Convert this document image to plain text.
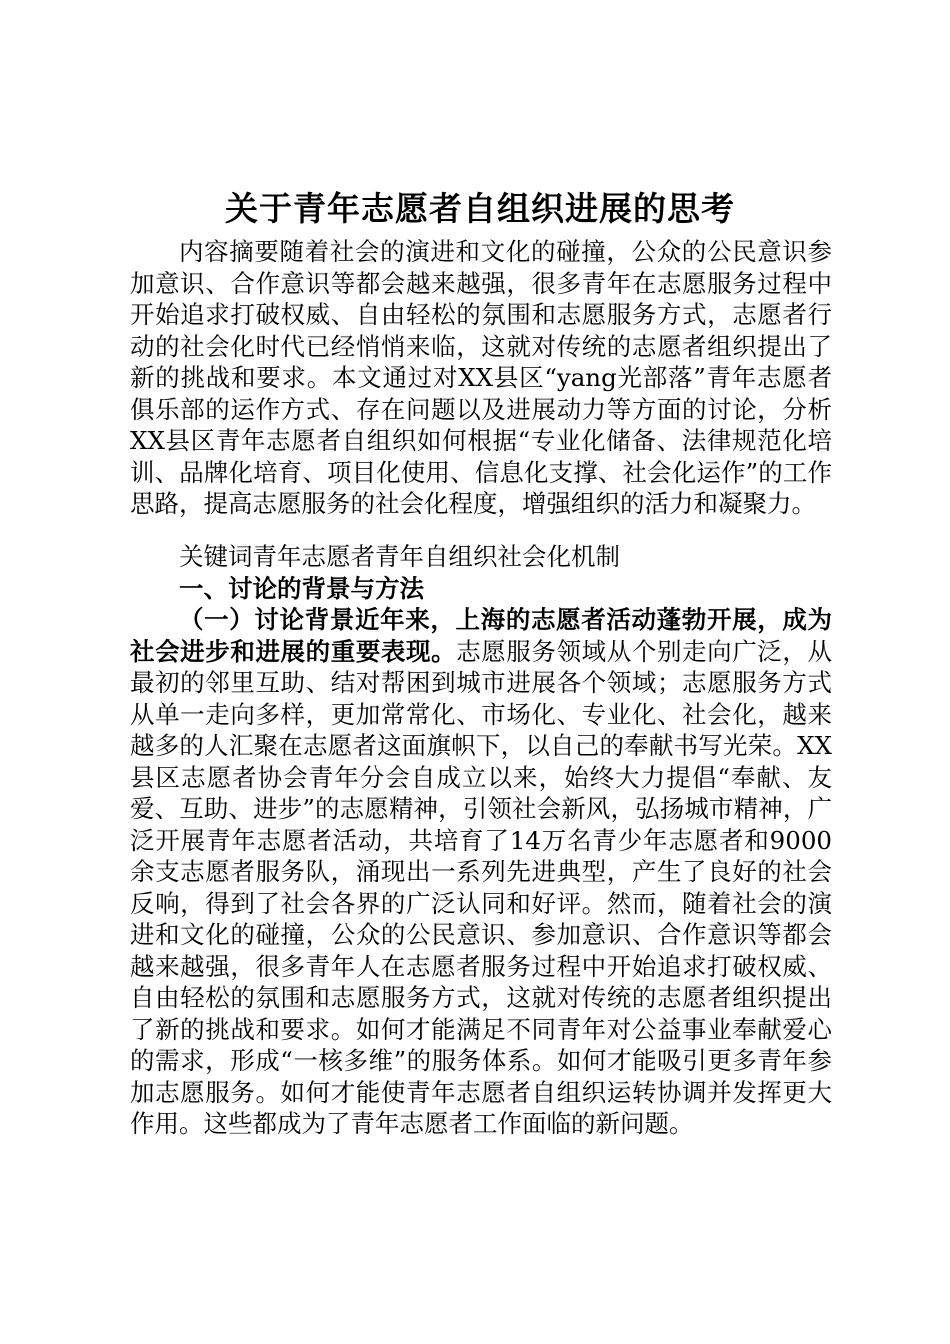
关于青年志愿者自组织进展的思考

内容摘要随着社会的演进和文化的碰撞，公众的公民意识参加意识、合作意识等都会越来越强，很多青年在志愿服务过程中开始追求打破权威、自由轻松的氛围和志愿服务方式，志愿者行动的社会化时代已经悄悄来临，这就对传统的志愿者组织提出了新的挑战和要求。本文通过对XX县区“yang光部落”青年志愿者俱乐部的运作方式、存在问题以及进展动力等方面的讨论，分析XX县区青年志愿者自组织如何根据“专业化储备、法律规范化培训、品牌化培育、项目化使用、信息化支撑、社会化运作”的工作思路，提高志愿服务的社会化程度，增强组织的活力和凝聚力。

关键词青年志愿者青年自组织社会化机制

一、讨论的背景与方法

（一）讨论背景近年来，上海的志愿者活动蓬勃开展，成为社会进步和进展的重要表现。志愿服务领域从个别走向广泛，从最初的邻里互助、结对帮困到城市进展各个领域；志愿服务方式从单一走向多样，更加常常化、市场化、专业化、社会化，越来越多的人汇聚在志愿者这面旗帜下，以自己的奉献书写光荣。XX县区志愿者协会青年分会自成立以来，始终大力提倡“奉献、友爱、互助、进步”的志愿精神，引领社会新风，弘扬城市精神，广泛开展青年志愿者活动，共培育了14万名青少年志愿者和9000余支志愿者服务队，涌现出一系列先进典型，产生了良好的社会反响，得到了社会各界的广泛认同和好评。然而，随着社会的演进和文化的碰撞，公众的公民意识、参加意识、合作意识等都会越来越强，很多青年人在志愿者服务过程中开始追求打破权威、自由轻松的氛围和志愿服务方式，这就对传统的志愿者组织提出了新的挑战和要求。如何才能满足不同青年对公益事业奉献爱心的需求，形成“一核多维”的服务体系。如何才能吸引更多青年参加志愿服务。如何才能使青年志愿者自组织运转协调并发挥更大作用。这些都成为了青年志愿者工作面临的新问题。
